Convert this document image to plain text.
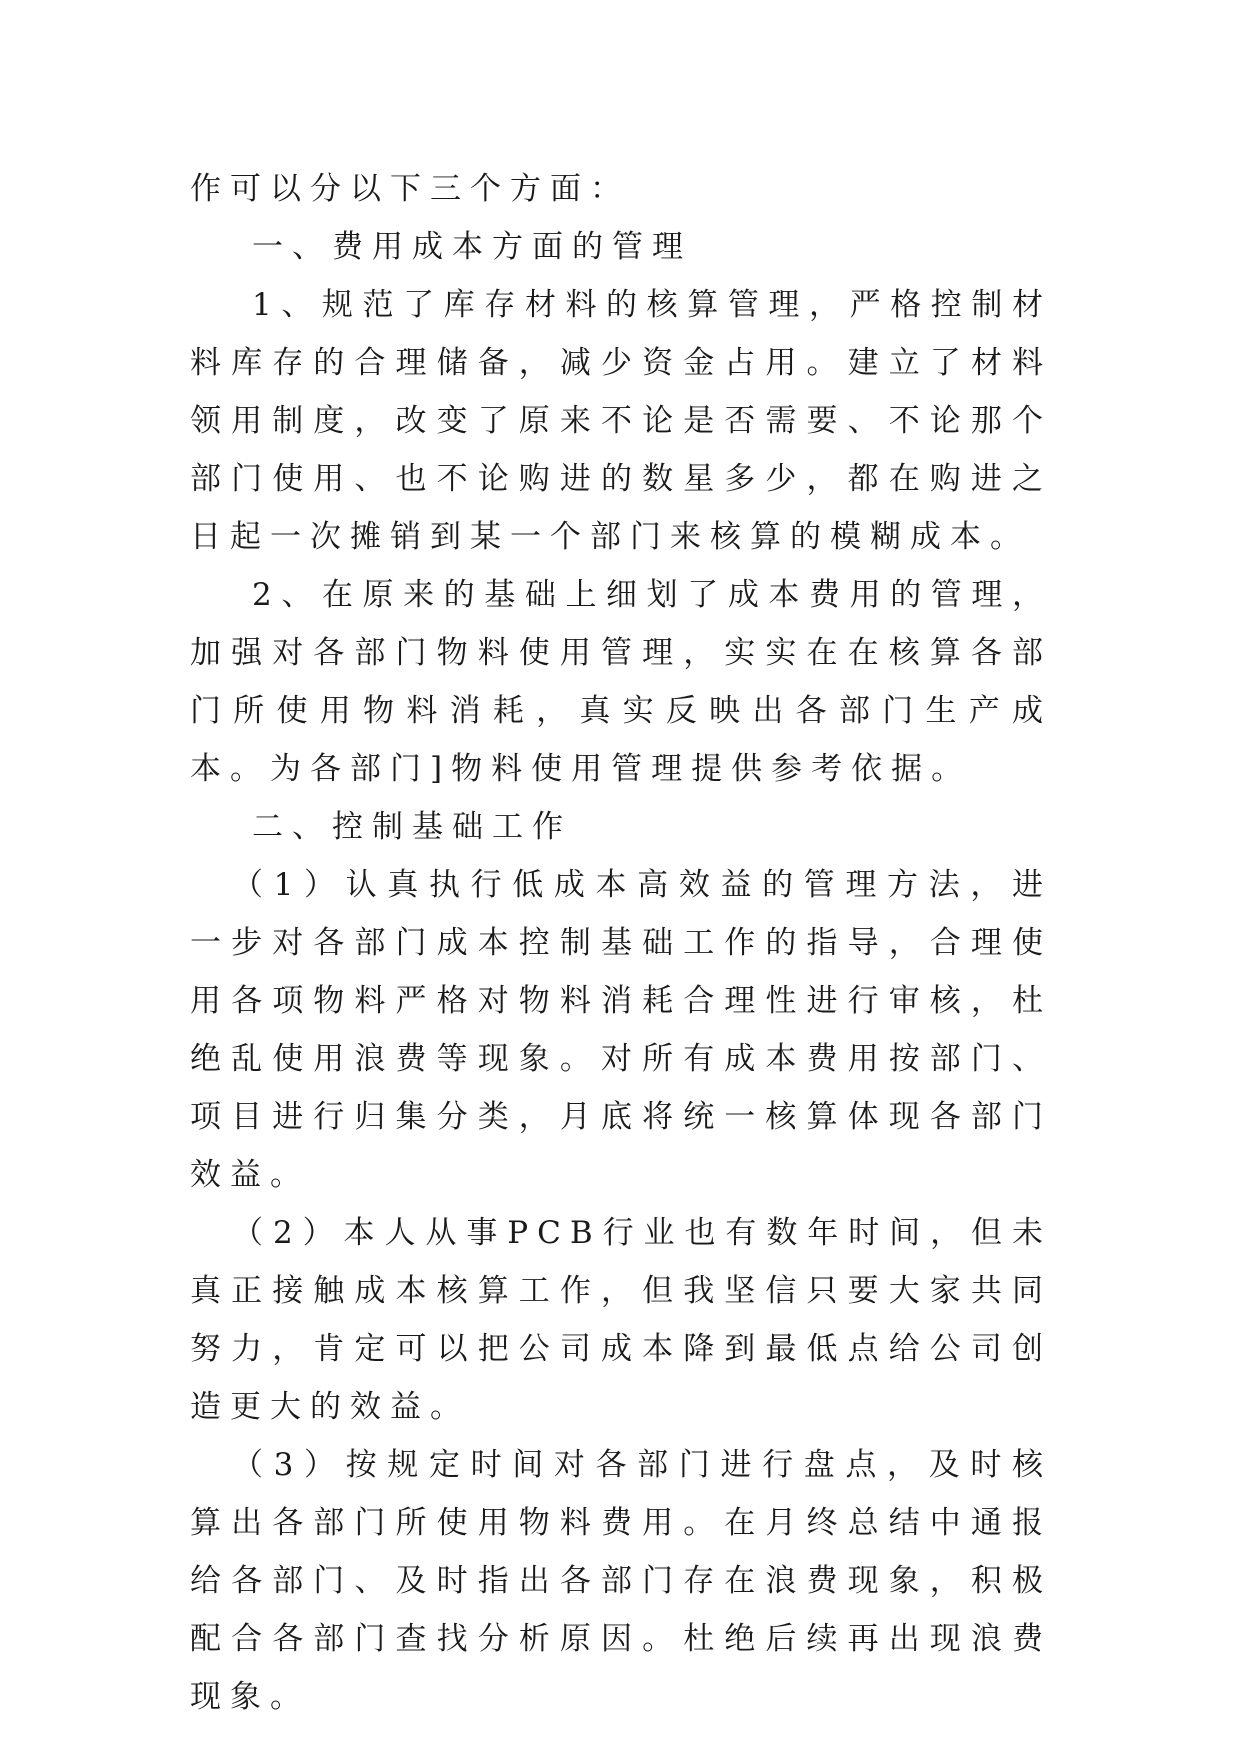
作可以分以下三个方面：

一、费用成本方面的管理

1、规范了库存材料的核算管理，严格控制材料库存的合理储备，减少资金占用。建立了材料领用制度，改变了原来不论是否需要、不论那个部门使用、也不论购进的数星多少，都在购进之日起一次摊销到某一个部门来核算的模糊成本。

2、在原来的基础上细划了成本费用的管理，加强对各部门物料使用管理，实实在在核算各部门所使用物料消耗，真实反映出各部门生产成本。为各部门]物料使用管理提供参考依据。

二、控制基础工作

（1）认真执行低成本高效益的管理方法，进一步对各部门成本控制基础工作的指导，合理使用各项物料严格对物料消耗合理性进行审核，杜绝乱使用浪费等现象。对所有成本费用按部门、项目进行归集分类，月底将统一核算体现各部门效益。

（2）本人从事PCB行业也有数年时间，但未真正接触成本核算工作，但我坚信只要大家共同努力，肯定可以把公司成本降到最低点给公司创造更大的效益。

（3）按规定时间对各部门进行盘点，及时核算出各部门所使用物料费用。在月终总结中通报给各部门、及时指出各部门存在浪费现象，积极配合各部门查找分析原因。杜绝后续再出现浪费现象。
